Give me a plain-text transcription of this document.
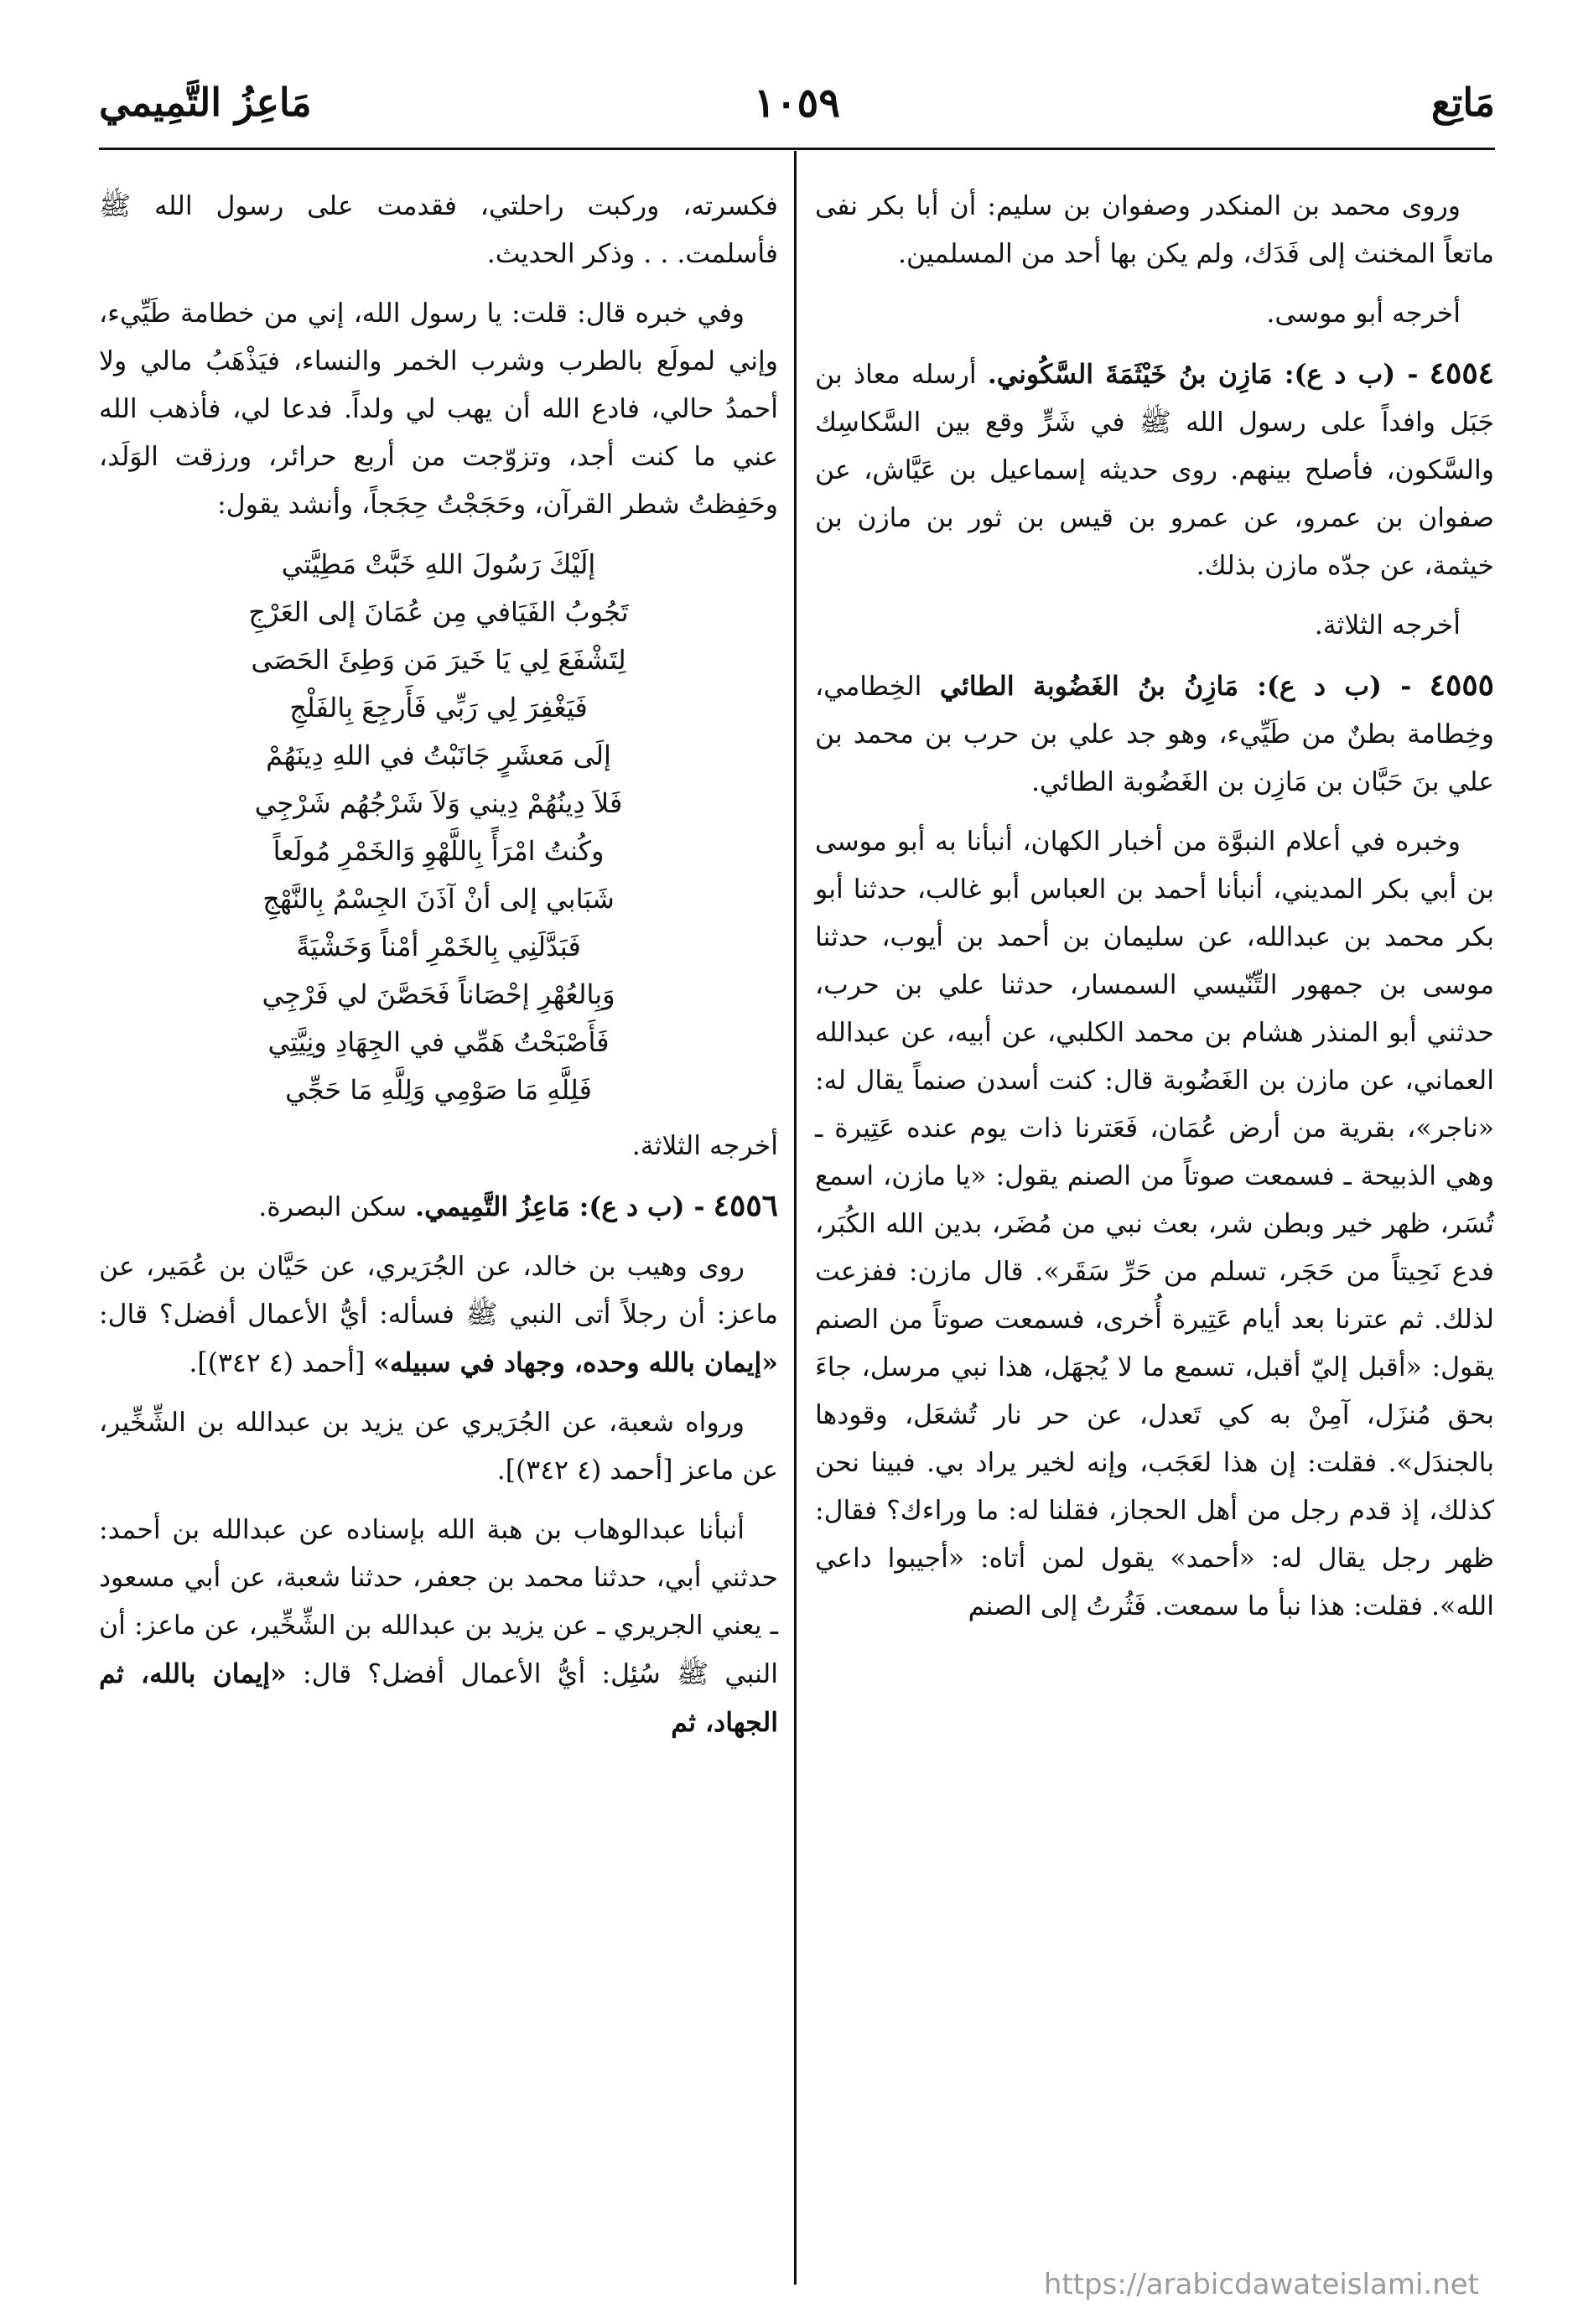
مَاتِع
١٠٥٩
مَاعِزُ التَّمِيمي

وروى محمد بن المنكدر وصفوان بن سليم: أن أبا بكر نفى ماتعاً المخنث إلى فَدَك، ولم يكن بها أحد من المسلمين.

أخرجه أبو موسى.

٤٥٥٤ - (ب د ع): مَازِن بنُ خَيْثَمَةَ السَّكُوني. أرسله معاذ بن جَبَل وافداً على رسول الله ﷺ في شَرٍّ وقع بين السَّكاسِك والسَّكون، فأصلح بينهم. روى حديثه إسماعيل بن عَيَّاش، عن صفوان بن عمرو، عن عمرو بن قيس بن ثور بن مازن بن خيثمة، عن جدّه مازن بذلك.

أخرجه الثلاثة.

٤٥٥٥ - (ب د ع): مَازِنُ بنُ الغَضُوبة الطائي الخِطامي، وخِطامة بطنٌ من طَيِّيء، وهو جد علي بن حرب بن محمد بن علي بنَ حَبَّان بن مَازِن بن الغَضُوبة الطائي.

وخبره في أعلام النبوَّة من أخبار الكهان، أنبأنا به أبو موسى بن أبي بكر المديني، أنبأنا أحمد بن العباس أبو غالب، حدثنا أبو بكر محمد بن عبدالله، عن سليمان بن أحمد بن أيوب، حدثنا موسى بن جمهور التِّنّيسي السمسار، حدثنا علي بن حرب، حدثني أبو المنذر هشام بن محمد الكلبي، عن أبيه، عن عبدالله العماني، عن مازن بن الغَضُوبة قال: كنت أسدن صنماً يقال له: «ناجر»، بقرية من أرض عُمَان، فَعَترنا ذات يوم عنده عَتِيرة ـ وهي الذبيحة ـ فسمعت صوتاً من الصنم يقول: «يا مازن، اسمع تُسَر، ظهر خير وبطن شر، بعث نبي من مُضَر، بدين الله الكُبَر، فدع نَحِيتاً من حَجَر، تسلم من حَرِّ سَقَر». قال مازن: ففزعت لذلك. ثم عترنا بعد أيام عَتِيرة أُخرى، فسمعت صوتاً من الصنم يقول: «أقبل إليّ أقبل، تسمع ما لا يُجهَل، هذا نبي مرسل، جاءَ بحق مُنزَل، آمِنْ به كي تَعدل، عن حر نار تُشعَل، وقودها بالجندَل». فقلت: إن هذا لعَجَب، وإنه لخير يراد بي. فبينا نحن كذلك، إذ قدم رجل من أهل الحجاز، فقلنا له: ما وراءك؟ فقال: ظهر رجل يقال له: «أحمد» يقول لمن أتاه: «أجيبوا داعي الله». فقلت: هذا نبأ ما سمعت. فَثُرتُ إلى الصنم

فكسرته، وركبت راحلتي، فقدمت على رسول الله ﷺ فأسلمت. . . وذكر الحديث.

وفي خبره قال: قلت: يا رسول الله، إني من خطامة طَيِّيء، وإني لمولَع بالطرب وشرب الخمر والنساء، فيَذْهَبُ مالي ولا أحمدُ حالي، فادع الله أن يهب لي ولداً. فدعا لي، فأذهب الله عني ما كنت أجد، وتزوّجت من أربع حرائر، ورزقت الوَلَد، وحَفِظتُ شطر القرآن، وحَجَجْتُ حِجَجاً، وأنشد يقول:

إلَيْكَ رَسُولَ اللهِ خَبَّتْ مَطِيَّتي
تَجُوبُ الفَيَافي مِن عُمَانَ إلى العَرْجِ
لِتَشْفَعَ لِي يَا خَيرَ مَن وَطِئَ الحَصَى
فَيَغْفِرَ لِي رَبِّي فَأَرجِعَ بِالفَلْجِ
إلَى مَعشَرٍ جَانَبْتُ في اللهِ دِينَهُمْ
فَلاَ دِينُهُمْ دِيني وَلاَ شَرْجُهُم شَرْجِي
وكُنتُ امْرَأً بِاللَّهْوِ وَالخَمْرِ مُولَعاً
شَبَابي إلى أنْ آذَنَ الجِسْمُ بِالنَّهْجِ
فَبَدَّلَنِي بِالخَمْرِ أمْناً وَخَشْيَةً
وَبِالعُهْرِ إحْصَاناً فَحَصَّنَ لي فَرْجِي
فَأَصْبَحْتُ هَمِّي في الجِهَادِ ونِيَّتِي
فَلِلَّهِ مَا صَوْمِي وَلِلَّهِ مَا حَجِّي

أخرجه الثلاثة.

٤٥٥٦ - (ب د ع): مَاعِزُ التَّمِيمي. سكن البصرة.

روى وهيب بن خالد، عن الجُرَيري، عن حَيَّان بن عُمَير، عن ماعز: أن رجلاً أتى النبي ﷺ فسأله: أيُّ الأعمال أفضل؟ قال: «إيمان بالله وحده، وجهاد في سبيله» [أحمد (٤ ٣٤٢)].

ورواه شعبة، عن الجُرَيري عن يزيد بن عبدالله بن الشِّخِّير، عن ماعز [أحمد (٤ ٣٤٢)].

أنبأنا عبدالوهاب بن هبة الله بإسناده عن عبدالله بن أحمد: حدثني أبي، حدثنا محمد بن جعفر، حدثنا شعبة، عن أبي مسعود ـ يعني الجريري ـ عن يزيد بن عبدالله بن الشِّخِّير، عن ماعز: أن النبي ﷺ سُئِل: أيُّ الأعمال أفضل؟ قال: «إيمان بالله، ثم الجهاد، ثم

https://arabicdawateislami.net
